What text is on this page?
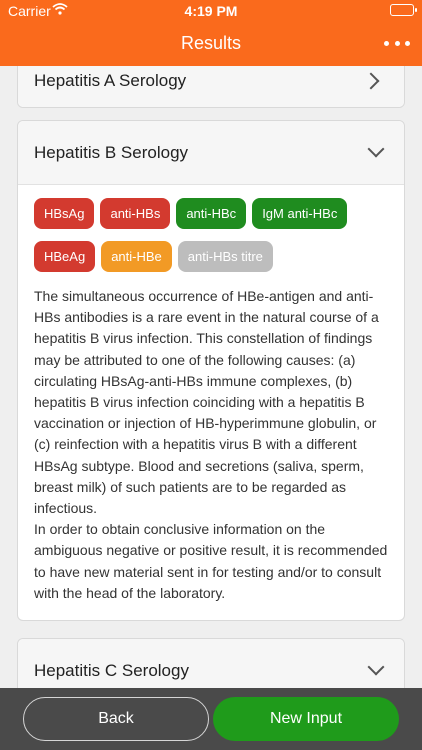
Carrier	4:19 PM
Results
Hepatitis A Serology
Hepatitis B Serology
HBsAg	anti-HBs	anti-HBc	IgM anti-HBc
HBeAg	anti-HBe	anti-HBs titre

The simultaneous occurrence of HBe-antigen and anti-HBs antibodies is a rare event in the natural course of a hepatitis B virus infection. This constellation of findings may be attributed to one of the following causes: (a) circulating HBsAg-anti-HBs immune complexes, (b) hepatitis B virus infection coinciding with a hepatitis B vaccination or injection of HB-hyperimmune globulin, or (c) reinfection with a hepatitis virus B with a different HBsAg subtype. Blood and secretions (saliva, sperm, breast milk) of such patients are to be regarded as infectious.

In order to obtain conclusive information on the ambiguous negative or positive result, it is recommended to have new material sent in for testing and/or to consult with the head of the laboratory.

Hepatitis C Serology
Back	New Input
